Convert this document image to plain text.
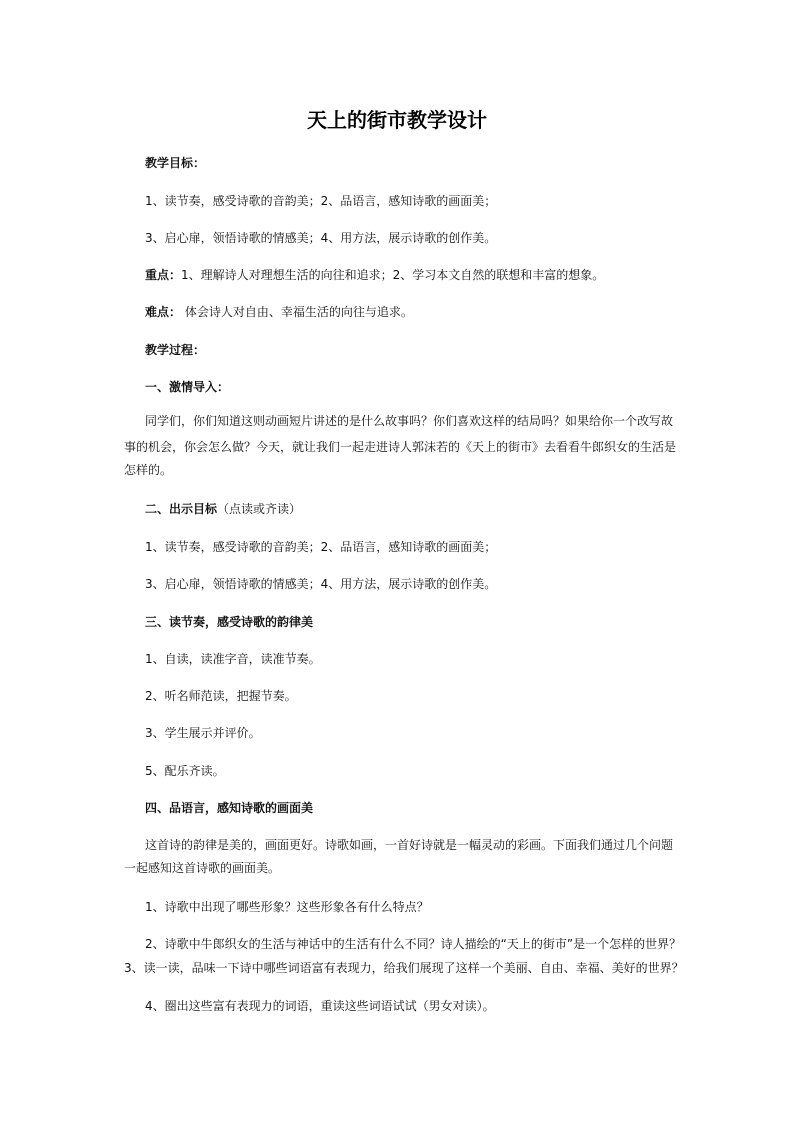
天上的街市教学设计
教学目标：
1、读节奏，感受诗歌的音韵美；2、品语言，感知诗歌的画面美；
3、启心扉，领悟诗歌的情感美；4、用方法，展示诗歌的创作美。
重点：1、理解诗人对理想生活的向往和追求；2、学习本文自然的联想和丰富的想象。
难点： 体会诗人对自由、幸福生活的向往与追求。
教学过程：
一、激情导入：
同学们，你们知道这则动画短片讲述的是什么故事吗？你们喜欢这样的结局吗？如果给你一个改写故
事的机会，你会怎么做？今天，就让我们一起走进诗人郭沫若的《天上的街市》去看看牛郎织女的生活是
怎样的。
二、出示目标（点读或齐读）
1、读节奏，感受诗歌的音韵美；2、品语言，感知诗歌的画面美；
3、启心扉，领悟诗歌的情感美；4、用方法，展示诗歌的创作美。
三、读节奏，感受诗歌的韵律美
1、自读，读准字音，读准节奏。
2、听名师范读，把握节奏。
3、学生展示并评价。
5、配乐齐读。
四、品语言，感知诗歌的画面美
这首诗的韵律是美的，画面更好。诗歌如画，一首好诗就是一幅灵动的彩画。下面我们通过几个问题
一起感知这首诗歌的画面美。
1、诗歌中出现了哪些形象？这些形象各有什么特点？
2、诗歌中牛郎织女的生活与神话中的生活有什么不同？诗人描绘的“天上的街市”是一个怎样的世界？
3、读一读，品味一下诗中哪些词语富有表现力，给我们展现了这样一个美丽、自由、幸福、美好的世界？
4、圈出这些富有表现力的词语，重读这些词语试试（男女对读）。
